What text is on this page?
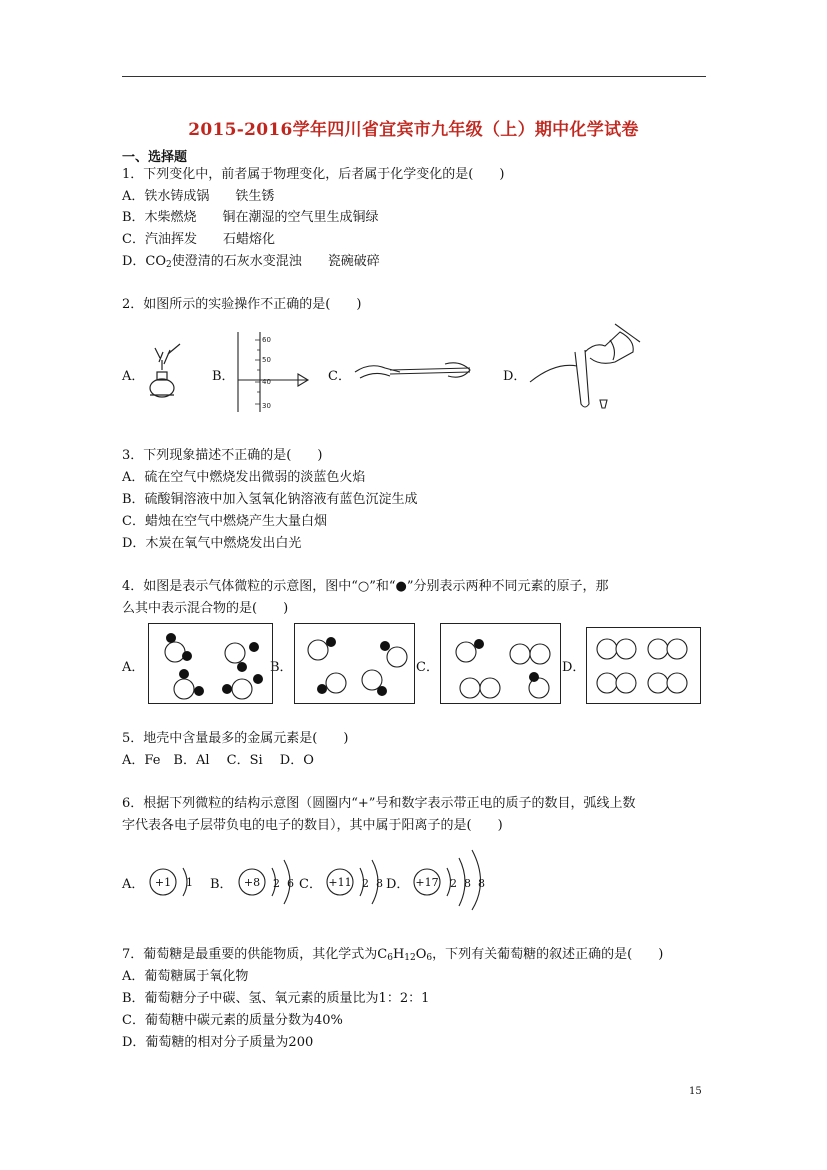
2015-2016学年四川省宜宾市九年级（上）期中化学试卷
一、选择题
1．下列变化中，前者属于物理变化，后者属于化学变化的是(　　)
A．铁水铸成锅　　铁生锈
B．木柴燃烧　　铜在潮湿的空气里生成铜绿
C．汽油挥发　　石蜡熔化
D．$CO_2$使澄清的石灰水变混浊　　瓷碗破碎
2．如图所示的实验操作不正确的是(　　)
A．	B．	C．	D．
60
50
40
30
3．下列现象描述不正确的是(　　)
A．硫在空气中燃烧发出微弱的淡蓝色火焰
B．硫酸铜溶液中加入氢氧化钠溶液有蓝色沉淀生成
C．蜡烛在空气中燃烧产生大量白烟
D．木炭在氧气中燃烧发出白光
4．如图是表示气体微粒的示意图，图中“○”和“●”分别表示两种不同元素的原子，那
么其中表示混合物的是(　　)
A．	B．	C．	D．
5．地壳中含量最多的金属元素是(　　)
A．Fe　B．Al　 C．Si　 D．O
6．根据下列微粒的结构示意图（圆圈内“+”号和数字表示带正电的质子的数目，弧线上数
字代表各电子层带负电的电子的数目），其中属于阳离子的是(　　)
A．	B．	C．	D．
+1 1	+8 2 6	+11 2 8	+17 2 8 8
7．葡萄糖是最重要的供能物质，其化学式为$C_6H_{12}O_6$，下列有关葡萄糖的叙述正确的是(　　)
A．葡萄糖属于氧化物
B．葡萄糖分子中碳、氢、氧元素的质量比为1：2：1
C．葡萄糖中碳元素的质量分数为40%
D．葡萄糖的相对分子质量为200
15
